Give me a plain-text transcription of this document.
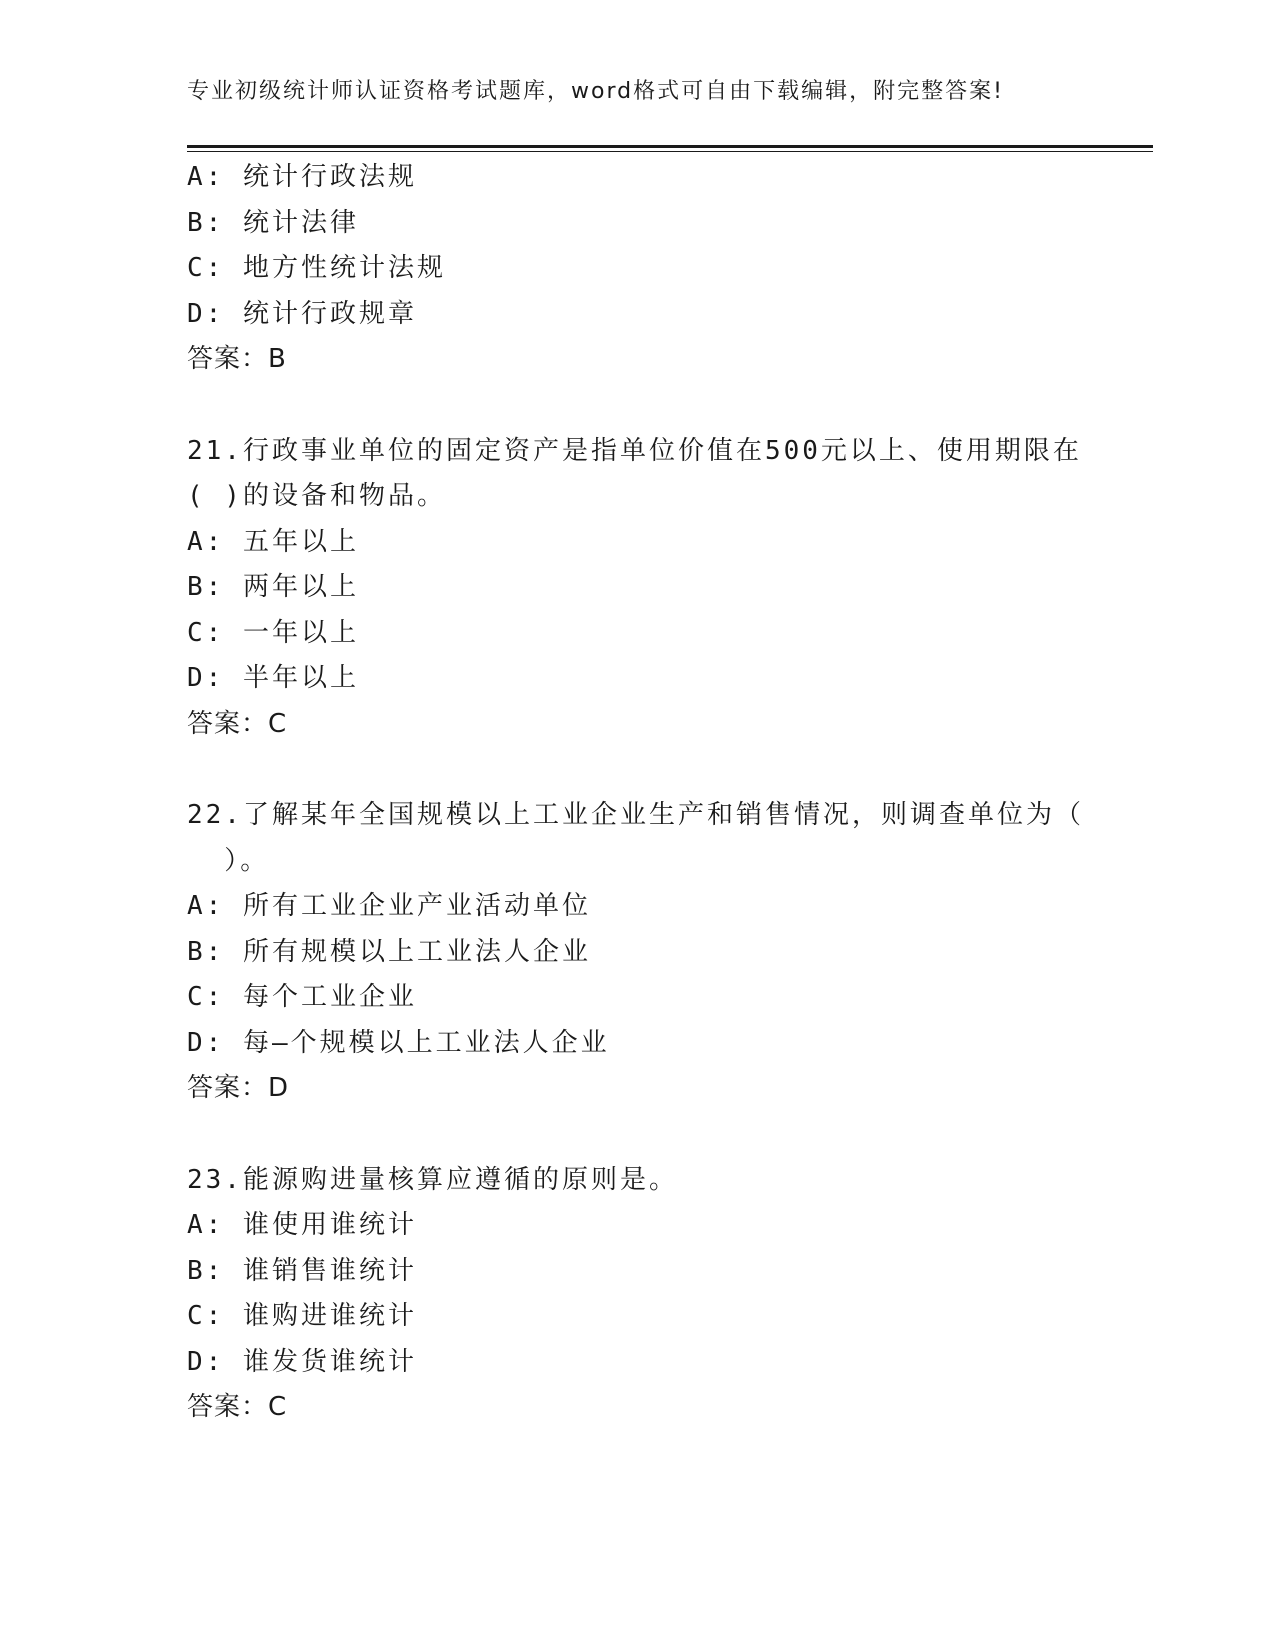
专业初级统计师认证资格考试题库，word格式可自由下载编辑，附完整答案!
A: 统计行政法规
B: 统计法律
C: 地方性统计法规
D: 统计行政规章
答案：B
21.行政事业单位的固定资产是指单位价值在500元以上、使用期限在
( )的设备和物品。
A: 五年以上
B: 两年以上
C: 一年以上
D: 半年以上
答案：C
22.了解某年全国规模以上工业企业生产和销售情况，则调查单位为（
）。
A: 所有工业企业产业活动单位
B: 所有规模以上工业法人企业
C: 每个工业企业
D: 每—个规模以上工业法人企业
答案：D
23.能源购进量核算应遵循的原则是。
A: 谁使用谁统计
B: 谁销售谁统计
C: 谁购进谁统计
D: 谁发货谁统计
答案：C
